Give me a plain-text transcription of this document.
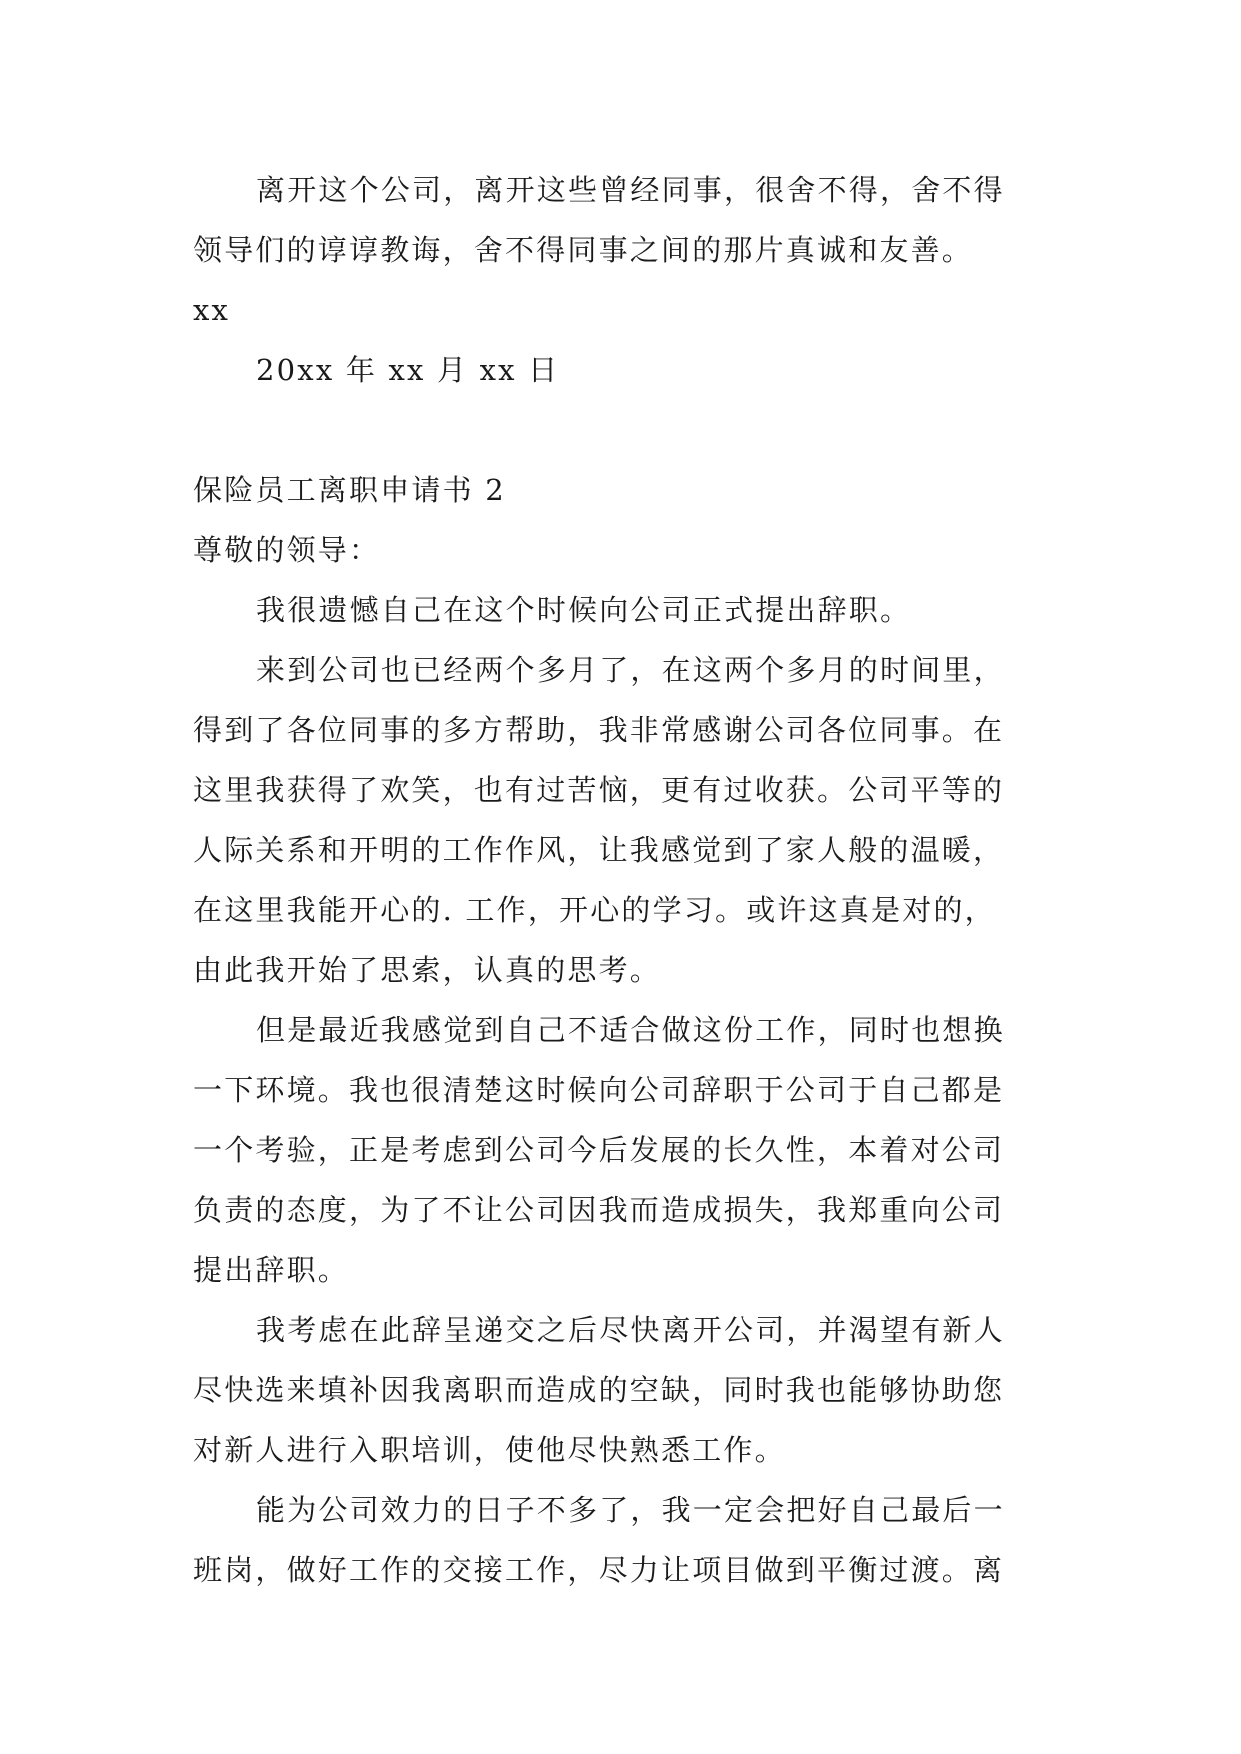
离开这个公司，离开这些曾经同事，很舍不得，舍不得
领导们的谆谆教诲，舍不得同事之间的那片真诚和友善。
xx
20xx 年 xx 月 xx 日
保险员工离职申请书 2
尊敬的领导：
我很遗憾自己在这个时候向公司正式提出辞职。
来到公司也已经两个多月了，在这两个多月的时间里，
得到了各位同事的多方帮助，我非常感谢公司各位同事。在
这里我获得了欢笑，也有过苦恼，更有过收获。公司平等的
人际关系和开明的工作作风，让我感觉到了家人般的温暖，
在这里我能开心的. 工作，开心的学习。或许这真是对的，
由此我开始了思索，认真的思考。
但是最近我感觉到自己不适合做这份工作，同时也想换
一下环境。我也很清楚这时候向公司辞职于公司于自己都是
一个考验，正是考虑到公司今后发展的长久性，本着对公司
负责的态度，为了不让公司因我而造成损失，我郑重向公司
提出辞职。
我考虑在此辞呈递交之后尽快离开公司，并渴望有新人
尽快选来填补因我离职而造成的空缺，同时我也能够协助您
对新人进行入职培训，使他尽快熟悉工作。
能为公司效力的日子不多了，我一定会把好自己最后一
班岗，做好工作的交接工作，尽力让项目做到平衡过渡。离
